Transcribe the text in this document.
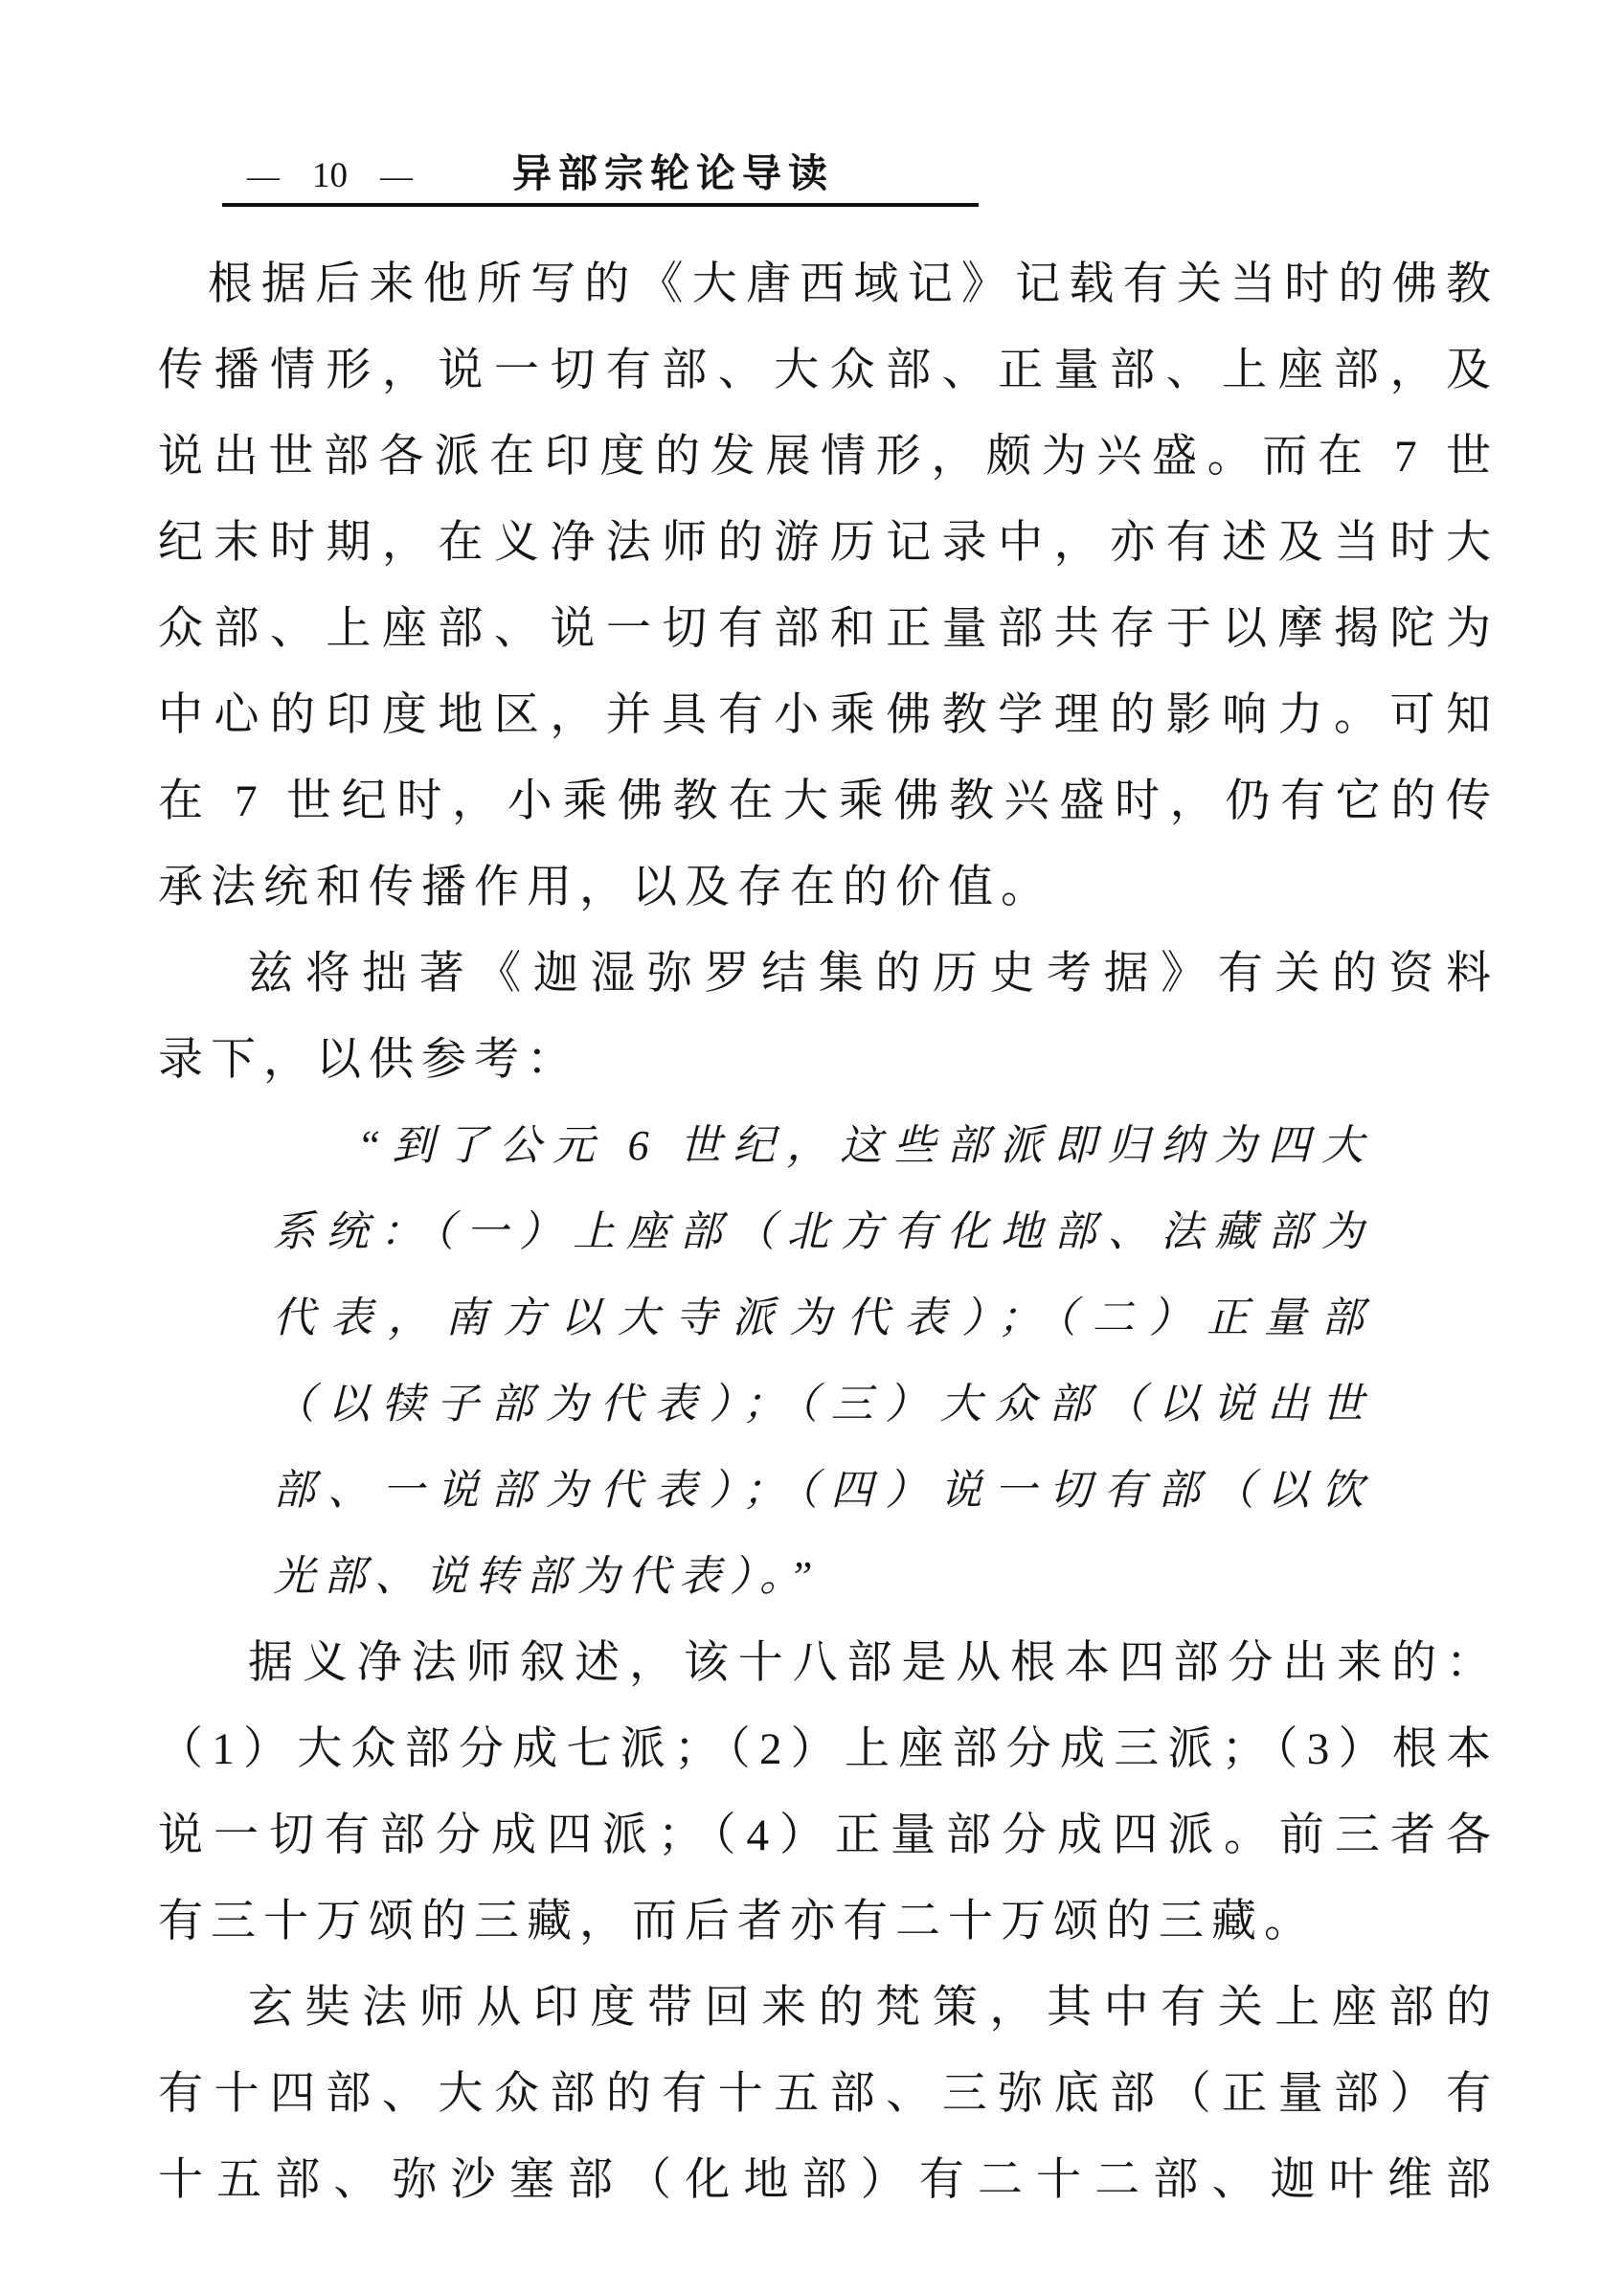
— 10 —	异部宗轮论导读
根据后来他所写的《大唐西域记》记载有关当时的佛教
传播情形，说一切有部、大众部、正量部、上座部，及
说出世部各派在印度的发展情形，颇为兴盛。而在 7 世
纪末时期，在义净法师的游历记录中，亦有述及当时大
众部、上座部、说一切有部和正量部共存于以摩揭陀为
中心的印度地区，并具有小乘佛教学理的影响力。可知
在 7 世纪时，小乘佛教在大乘佛教兴盛时，仍有它的传
承法统和传播作用，以及存在的价值。
兹将拙著《迦湿弥罗结集的历史考据》有关的资料
录下，以供参考：
“到了公元 6 世纪，这些部派即归纳为四大
系统：（一）上座部（北方有化地部、法藏部为
代表，南方以大寺派为代表）；（二）正量部
（以犊子部为代表）；（三）大众部（以说出世
部、一说部为代表）；（四）说一切有部（以饮
光部、说转部为代表）。”
据义净法师叙述，该十八部是从根本四部分出来的：
（1）大众部分成七派；（2）上座部分成三派；（3）根本
说一切有部分成四派；（4）正量部分成四派。前三者各
有三十万颂的三藏，而后者亦有二十万颂的三藏。
玄奘法师从印度带回来的梵策，其中有关上座部的
有十四部、大众部的有十五部、三弥底部（正量部）有
十五部、弥沙塞部（化地部）有二十二部、迦叶维部
